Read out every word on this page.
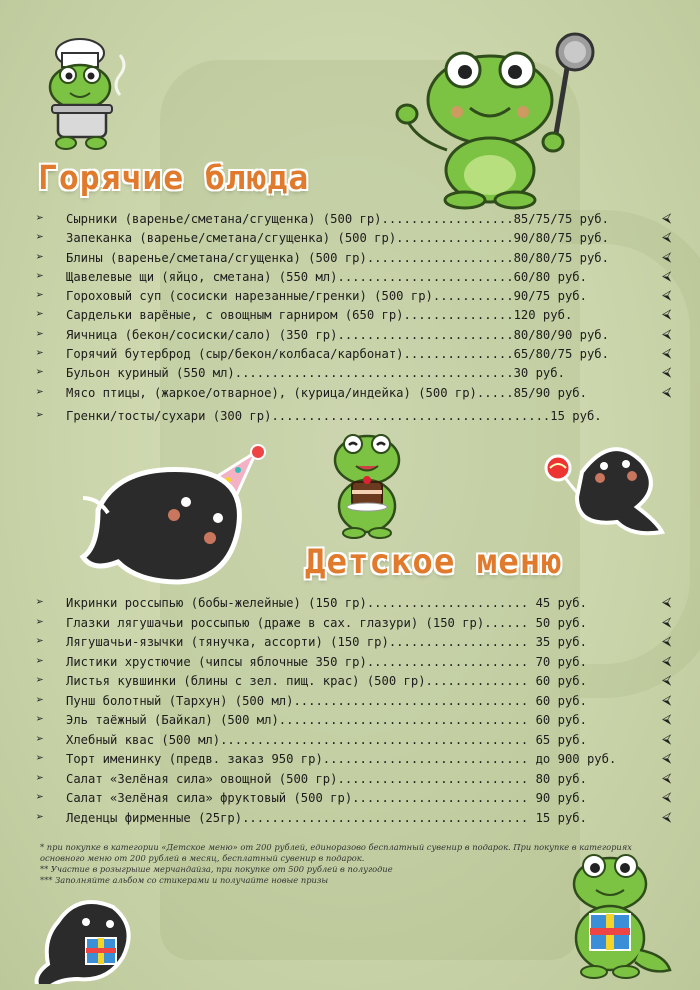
Горячие блюда
➢ Сырники (варенье/сметана/сгущенка) (500 гр)..................85/75/75 руб.	⮘
➢ Запеканка (варенье/сметана/сгущенка) (500 гр)................90/80/75 руб.	⮘
➢ Блины (варенье/сметана/сгущенка) (500 гр)....................80/80/75 руб.	⮘
➢ Щавелевые щи (яйцо, сметана) (550 мл)........................60/80 руб.	⮘
➢ Гороховый суп (сосиски нарезанные/гренки) (500 гр)...........90/75 руб.	⮘
➢ Сардельки варёные, с овощным гарниром (650 гр)...............120 руб.	⮘
➢ Яичница (бекон/сосиски/сало) (350 гр)........................80/80/90 руб.	⮘
➢ Горячий бутерброд (сыр/бекон/колбаса/карбонат)...............65/80/75 руб.	⮘
➢ Бульон куриный (550 мл)......................................30 руб.	⮘
➢ Мясо птицы, (жаркое/отварное), (курица/индейка) (500 гр).....85/90 руб.	⮘
➢ Гренки/тосты/сухари (300 гр)......................................15 руб.
Детское меню
➢ Икринки россыпью (бобы-желейные) (150 гр)...................... 45 руб.	⮘
➢ Глазки лягушачьи россыпью (драже в сах. глазури) (150 гр)...... 50 руб.	⮘
➢ Лягушачьи-язычки (тянучка, ассорти) (150 гр)................... 35 руб.	⮘
➢ Листики хрустючие (чипсы яблочные 350 гр)...................... 70 руб.	⮘
➢ Листья кувшинки (блины с зел. пищ. крас) (500 гр).............. 60 руб.	⮘
➢ Пунш болотный (Тархун) (500 мл)................................ 60 руб.	⮘
➢ Эль таёжный (Байкал) (500 мл).................................. 60 руб.	⮘
➢ Хлебный квас (500 мл).......................................... 65 руб.	⮘
➢ Торт именинку (предв. заказ 950 гр)............................ до 900 руб.	⮘
➢ Салат «Зелёная сила» овощной (500 гр).......................... 80 руб.	⮘
➢ Салат «Зелёная сила» фруктовый (500 гр)........................ 90 руб.	⮘
➢ Леденцы фирменные (25гр)....................................... 15 руб.	⮘

* при покупке в категории «Детское меню» от 200 рублей, единоразово бесплатный сувенир в подарок. При покупке в категориях основного меню от 200 рублей в месяц, бесплатный сувенир в подарок.

** Участие в розыгрыше мерчандайза, при покупке от 500 рублей в полугодие

*** Заполняйте альбом со стикерами и получайте новые призы
